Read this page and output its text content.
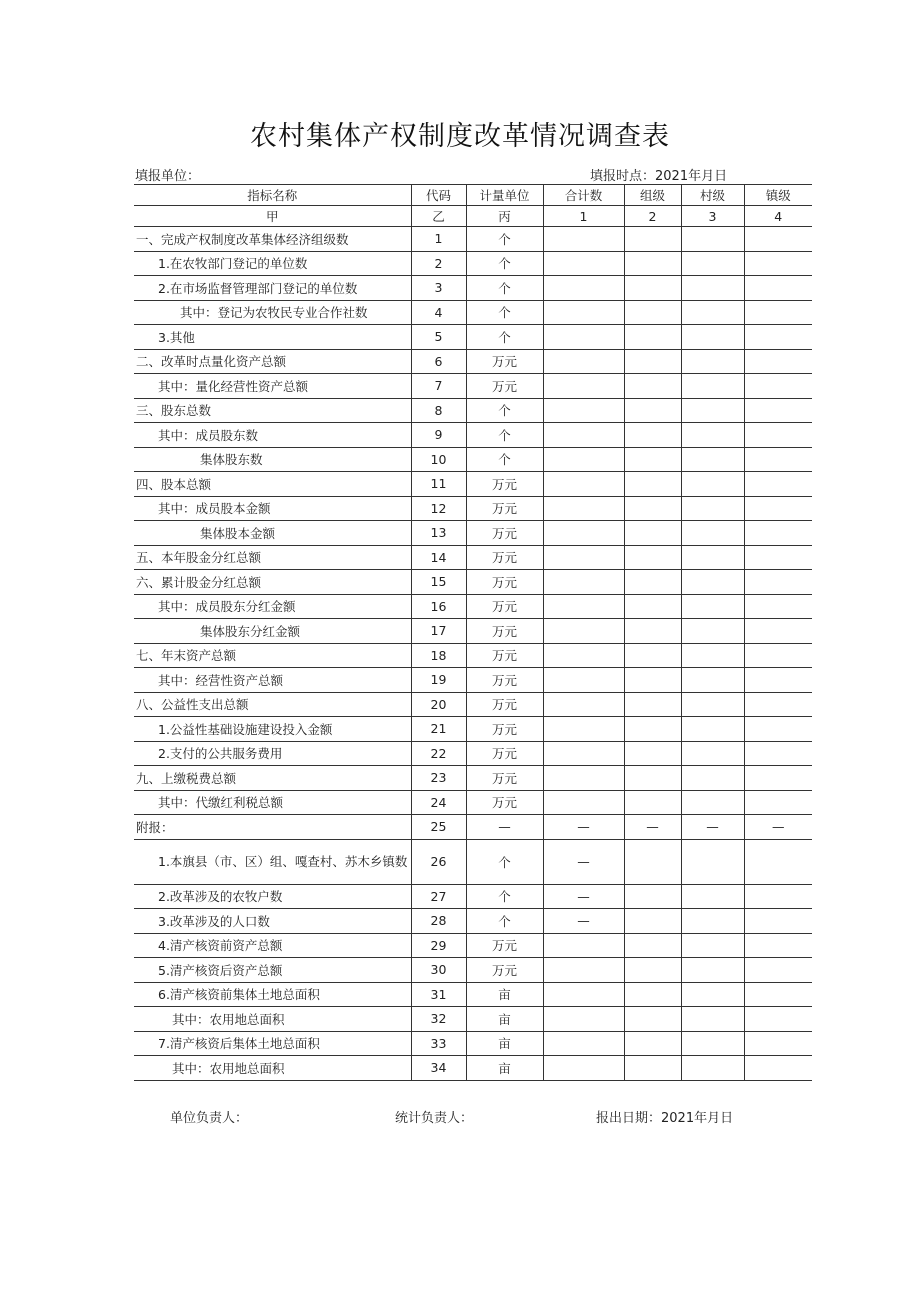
农村集体产权制度改革情况调查表
填报单位：	填报时点：2021年月日
指标名称	代码	计量单位	合计数	组级	村级	镇级
甲	乙	丙	1	2	3	4
一、完成产权制度改革集体经济组级数	1	个				
1.在农牧部门登记的单位数	2	个				
2.在市场监督管理部门登记的单位数	3	个				
其中：登记为农牧民专业合作社数	4	个				
3.其他	5	个				
二、改革时点量化资产总额	6	万元				
其中：量化经营性资产总额	7	万元				
三、股东总数	8	个				
其中：成员股东数	9	个				
集体股东数	10	个				
四、股本总额	11	万元				
其中：成员股本金额	12	万元				
集体股本金额	13	万元				
五、本年股金分红总额	14	万元				
六、累计股金分红总额	15	万元				
其中：成员股东分红金额	16	万元				
集体股东分红金额	17	万元				
七、年末资产总额	18	万元				
其中：经营性资产总额	19	万元				
八、公益性支出总额	20	万元				
1.公益性基础设施建设投入金额	21	万元				
2.支付的公共服务费用	22	万元				
九、上缴税费总额	23	万元				
其中：代缴红利税总额	24	万元				
附报：	25	—	—	—	—	—
1.本旗县（市、区）组、嘎查村、苏木乡镇数	26	个	—			
2.改革涉及的农牧户数	27	个	—			
3.改革涉及的人口数	28	个	—			
4.清产核资前资产总额	29	万元				
5.清产核资后资产总额	30	万元				
6.清产核资前集体土地总面积	31	亩				
其中：农用地总面积	32	亩				
7.清产核资后集体土地总面积	33	亩				
其中：农用地总面积	34	亩				
单位负责人：	统计负责人：	报出日期：2021年月日
